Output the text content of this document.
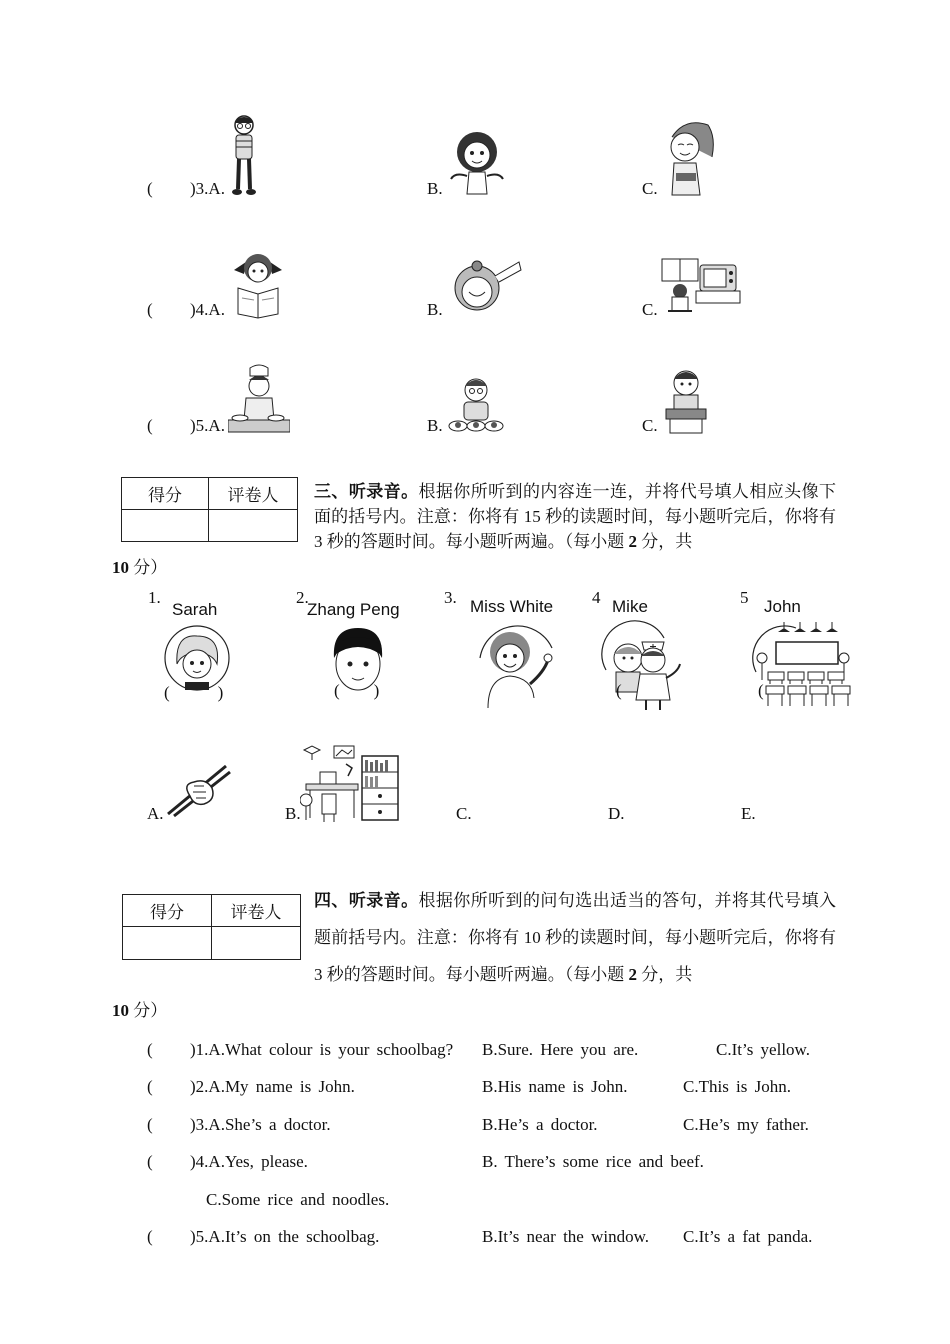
( )3.A.	B.	C.
( )4.A.	B.	C.
( )5.A.	B.	C.
得分	评卷人
	三、听录音。根据你所听到的内容连一连，并将代号填人相应头像下面的括号内。注意：你将有 15 秒的读题时间，每小题听完后，你将有 3 秒的答题时间。每小题听两遍。（每小题 2 分，共
10 分）
1.
Sarah
(	)
2.
Zhang Peng
( )
3. Miss White 4 Mike
(
5 John
(
A.	B.	C.	D.	E.
得分	评卷人

四、听录音。根据你所听到的问句选出适当的答句，并将其代号填入题前括号内。注意：你将有 10 秒的读题时间，每小题听完后，你将有 3 秒的答题时间。每小题听两遍。（每小题 2 分，共
10 分）
( )1.A.What colour is your schoolbag? B.Sure. Here you are.	C.It’s yellow.
( )2.A.My name is John.	B.His name is John.	C.This is John.
( )3.A.She’s a doctor.	B.He’s a doctor.	C.He’s my father.
( )4.A.Yes, please.	B. There’s some rice and beef.
C.Some rice and noodles.
( )5.A.It’s on the schoolbag.	B.It’s near the window. C.It’s a fat panda.
